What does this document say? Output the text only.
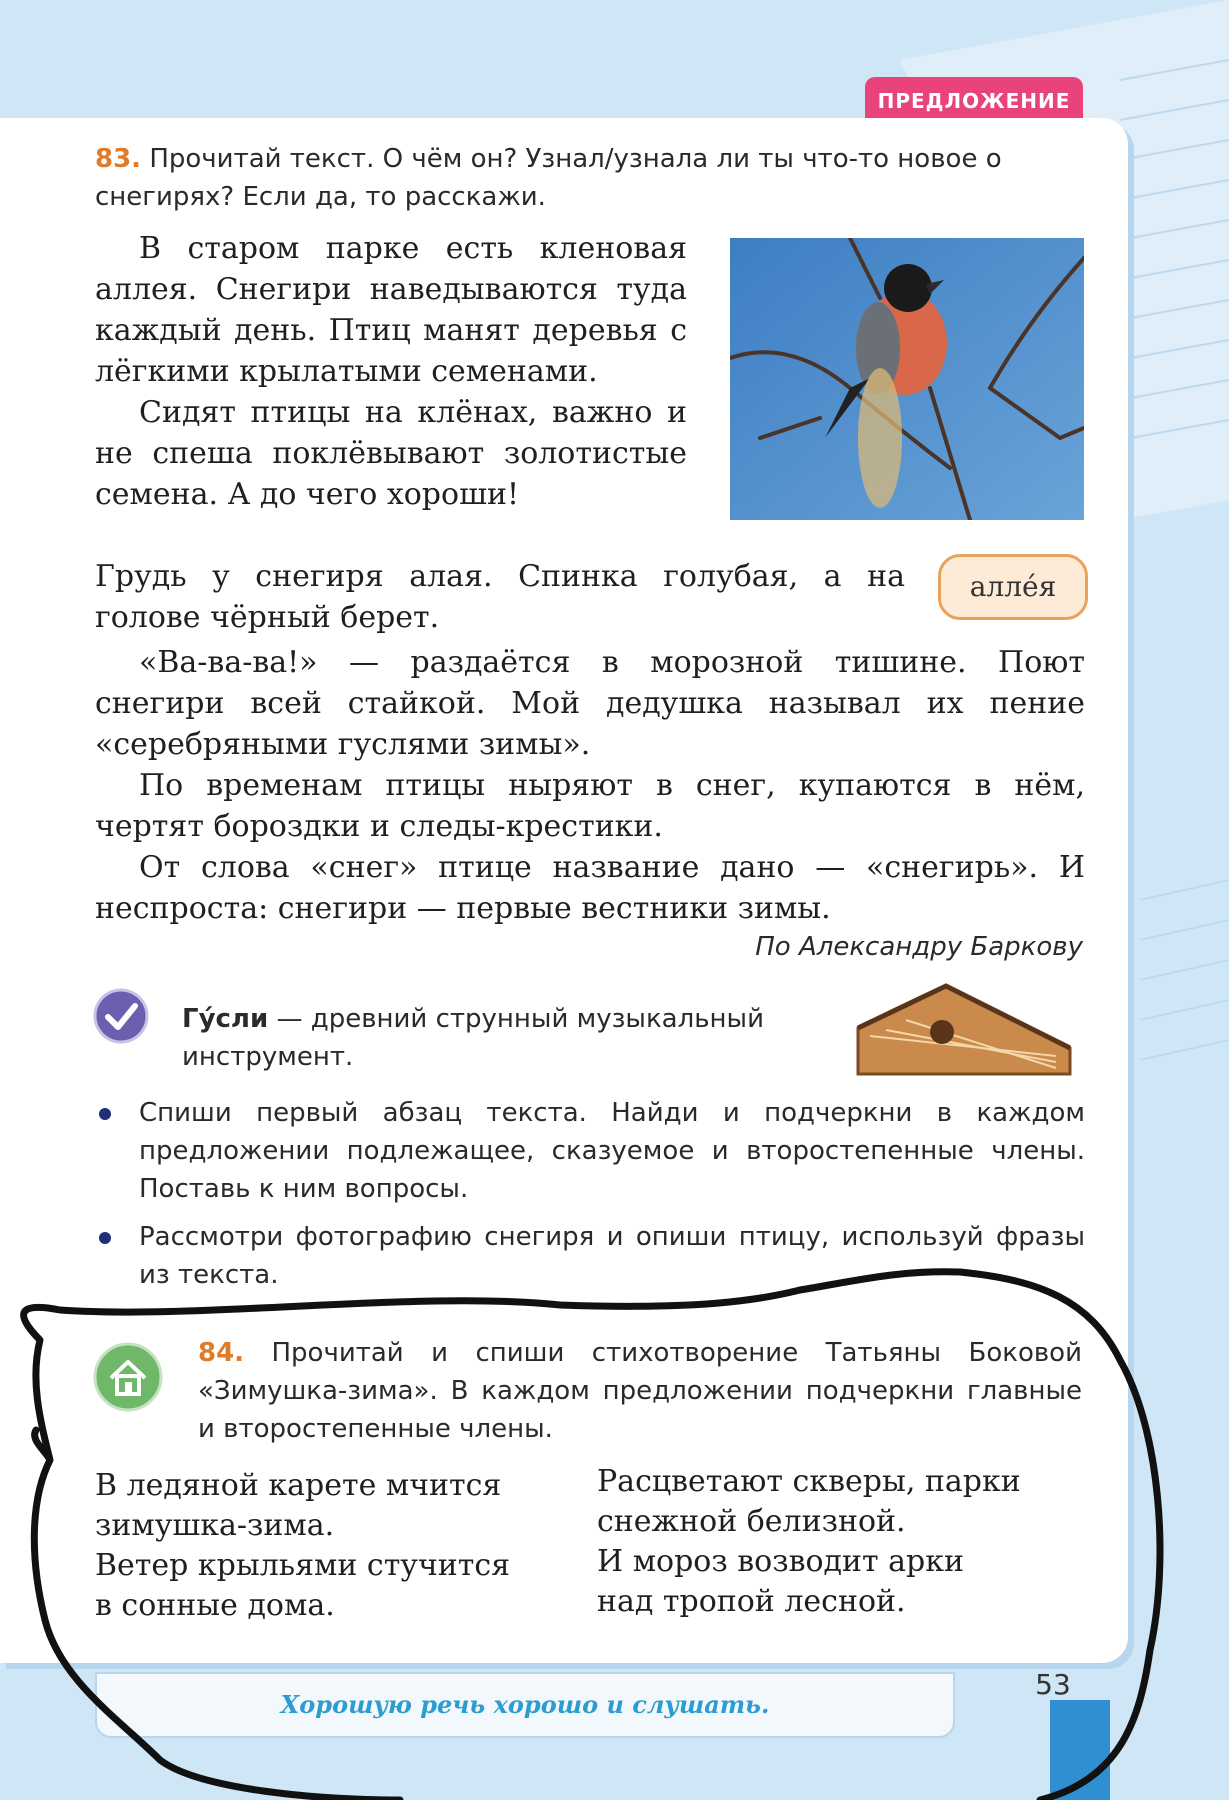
ПРЕДЛОЖЕНИЕ
83. Прочитай текст. О чём он? Узнал/узнала ли ты что-то новое о снегирях? Если да, то расскажи.

В старом парке есть кленовая аллея. Снегири наведываются туда каждый день. Птиц манят деревья с лёгкими крылатыми семенами.

Сидят птицы на клёнах, важно и не спеша поклёвывают золотистые семена. А до чего хороши!

Грудь у снегиря алая. Спинка голубая, а на голове чёрный берет.

аллéя

«Ва-ва-ва!» — раздаётся в морозной тишине. Поют снегири всей стайкой. Мой дедушка называл их пение «серебряными гуслями зимы».

По временам птицы ныряют в снег, купаются в нём, чертят бороздки и следы-крестики.

От слова «снег» птице название дано — «снегирь». И неспроста: снегири — первые вестники зимы.

По Александру Баркову
Гýсли — древний струнный музыкальный инструмент.
Спиши первый абзац текста. Найди и подчеркни в каждом предложении подлежащее, сказуемое и второстепенные члены. Поставь к ним вопросы.
Рассмотри фотографию снегиря и опиши птицу, используй фразы из текста.
84. Прочитай и спиши стихотворение Татьяны Боковой «Зимушка-зима». В каждом предложении подчеркни главные и второстепенные члены.
В ледяной карете мчится
зимушка-зима.
Ветер крыльями стучится
в сонные дома.
Расцветают скверы, парки
снежной белизной.
И мороз возводит арки
над тропой лесной.
Хорошую речь хорошо и слушать.
53
